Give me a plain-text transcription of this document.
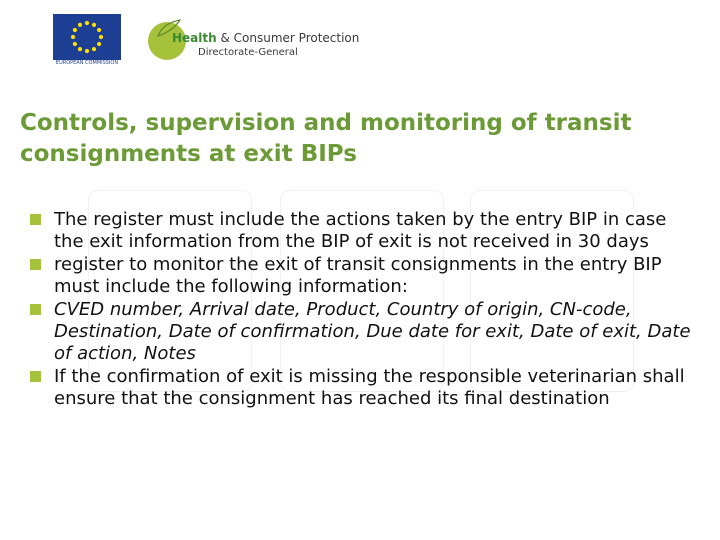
EUROPEAN COMMISSION
Health & Consumer Protection
Directorate-General
Controls, supervision and monitoring of transit consignments at exit BIPs
The register must include the actions taken by the entry BIP in case the exit information from the BIP of exit is not received in 30 days
register to monitor the exit of transit consignments in the entry BIP must include the following information:
CVED number, Arrival date, Product, Country of origin, CN-code, Destination, Date of confirmation, Due date for exit, Date of exit, Date of action, Notes
If the confirmation of exit is missing the responsible veterinarian shall ensure that the consignment has reached its final destination
